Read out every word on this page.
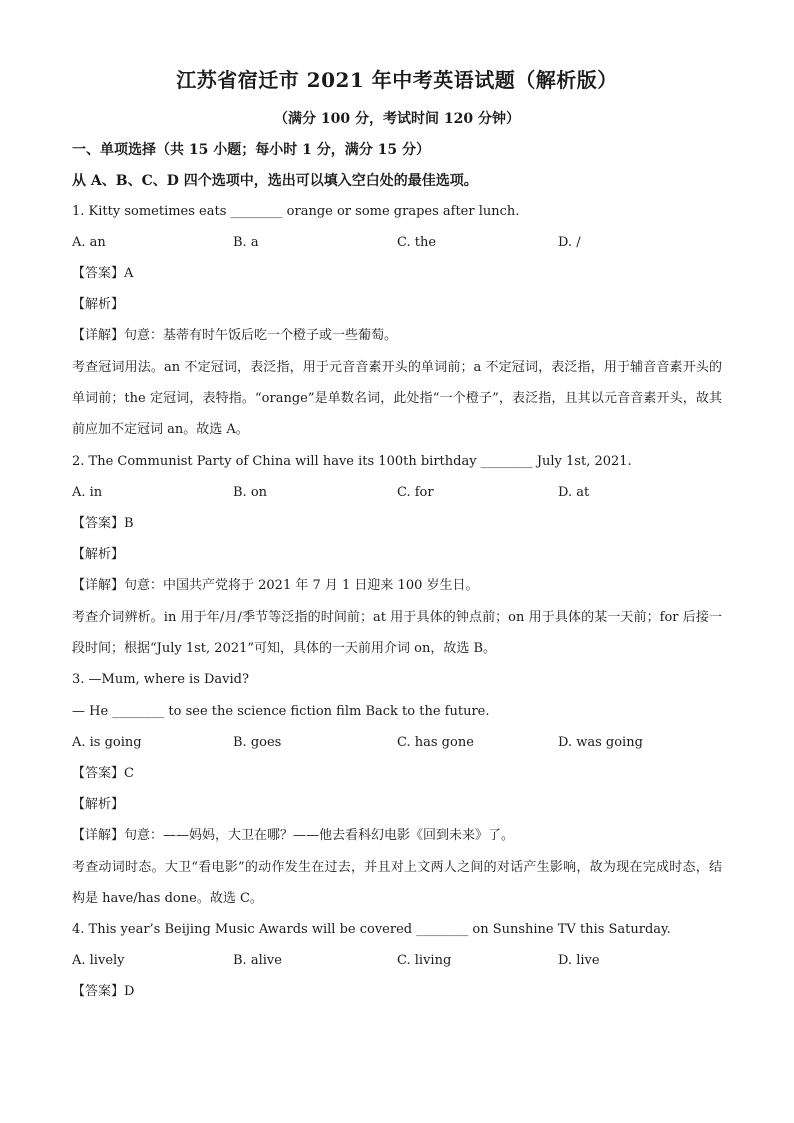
江苏省宿迁市 2021 年中考英语试题（解析版）
（满分 100 分，考试时间 120 分钟）
一、单项选择（共 15 小题；每小时 1 分，满分 15 分）
从 A、B、C、D 四个选项中，选出可以填入空白处的最佳选项。
1. Kitty sometimes eats ________ orange or some grapes after lunch.
A. an	B. a	C. the	D. /
【答案】A
【解析】
【详解】句意：基蒂有时午饭后吃一个橙子或一些葡萄。
考查冠词用法。an 不定冠词，表泛指，用于元音音素开头的单词前；a 不定冠词，表泛指，用于辅音音素开头的单词前；the 定冠词，表特指。“orange”是单数名词，此处指“一个橙子”，表泛指，且其以元音音素开头，故其前应加不定冠词 an。故选 A。
2. The Communist Party of China will have its 100th birthday ________ July 1st, 2021.
A. in	B. on	C. for	D. at
【答案】B
【解析】
【详解】句意：中国共产党将于 2021 年 7 月 1 日迎来 100 岁生日。
考查介词辨析。in 用于年/月/季节等泛指的时间前；at 用于具体的钟点前；on 用于具体的某一天前；for 后接一段时间；根据“July 1st, 2021”可知，具体的一天前用介词 on，故选 B。
3. —Mum, where is David?
— He ________ to see the science fiction film Back to the future.
A. is going	B. goes	C. has gone	D. was going
【答案】C
【解析】
【详解】句意：——妈妈，大卫在哪？——他去看科幻电影《回到未来》了。
考查动词时态。大卫“看电影”的动作发生在过去，并且对上文两人之间的对话产生影响，故为现在完成时态，结构是 have/has done。故选 C。
4. This year’s Beijing Music Awards will be covered ________ on Sunshine TV this Saturday.
A. lively	B. alive	C. living	D. live
【答案】D
